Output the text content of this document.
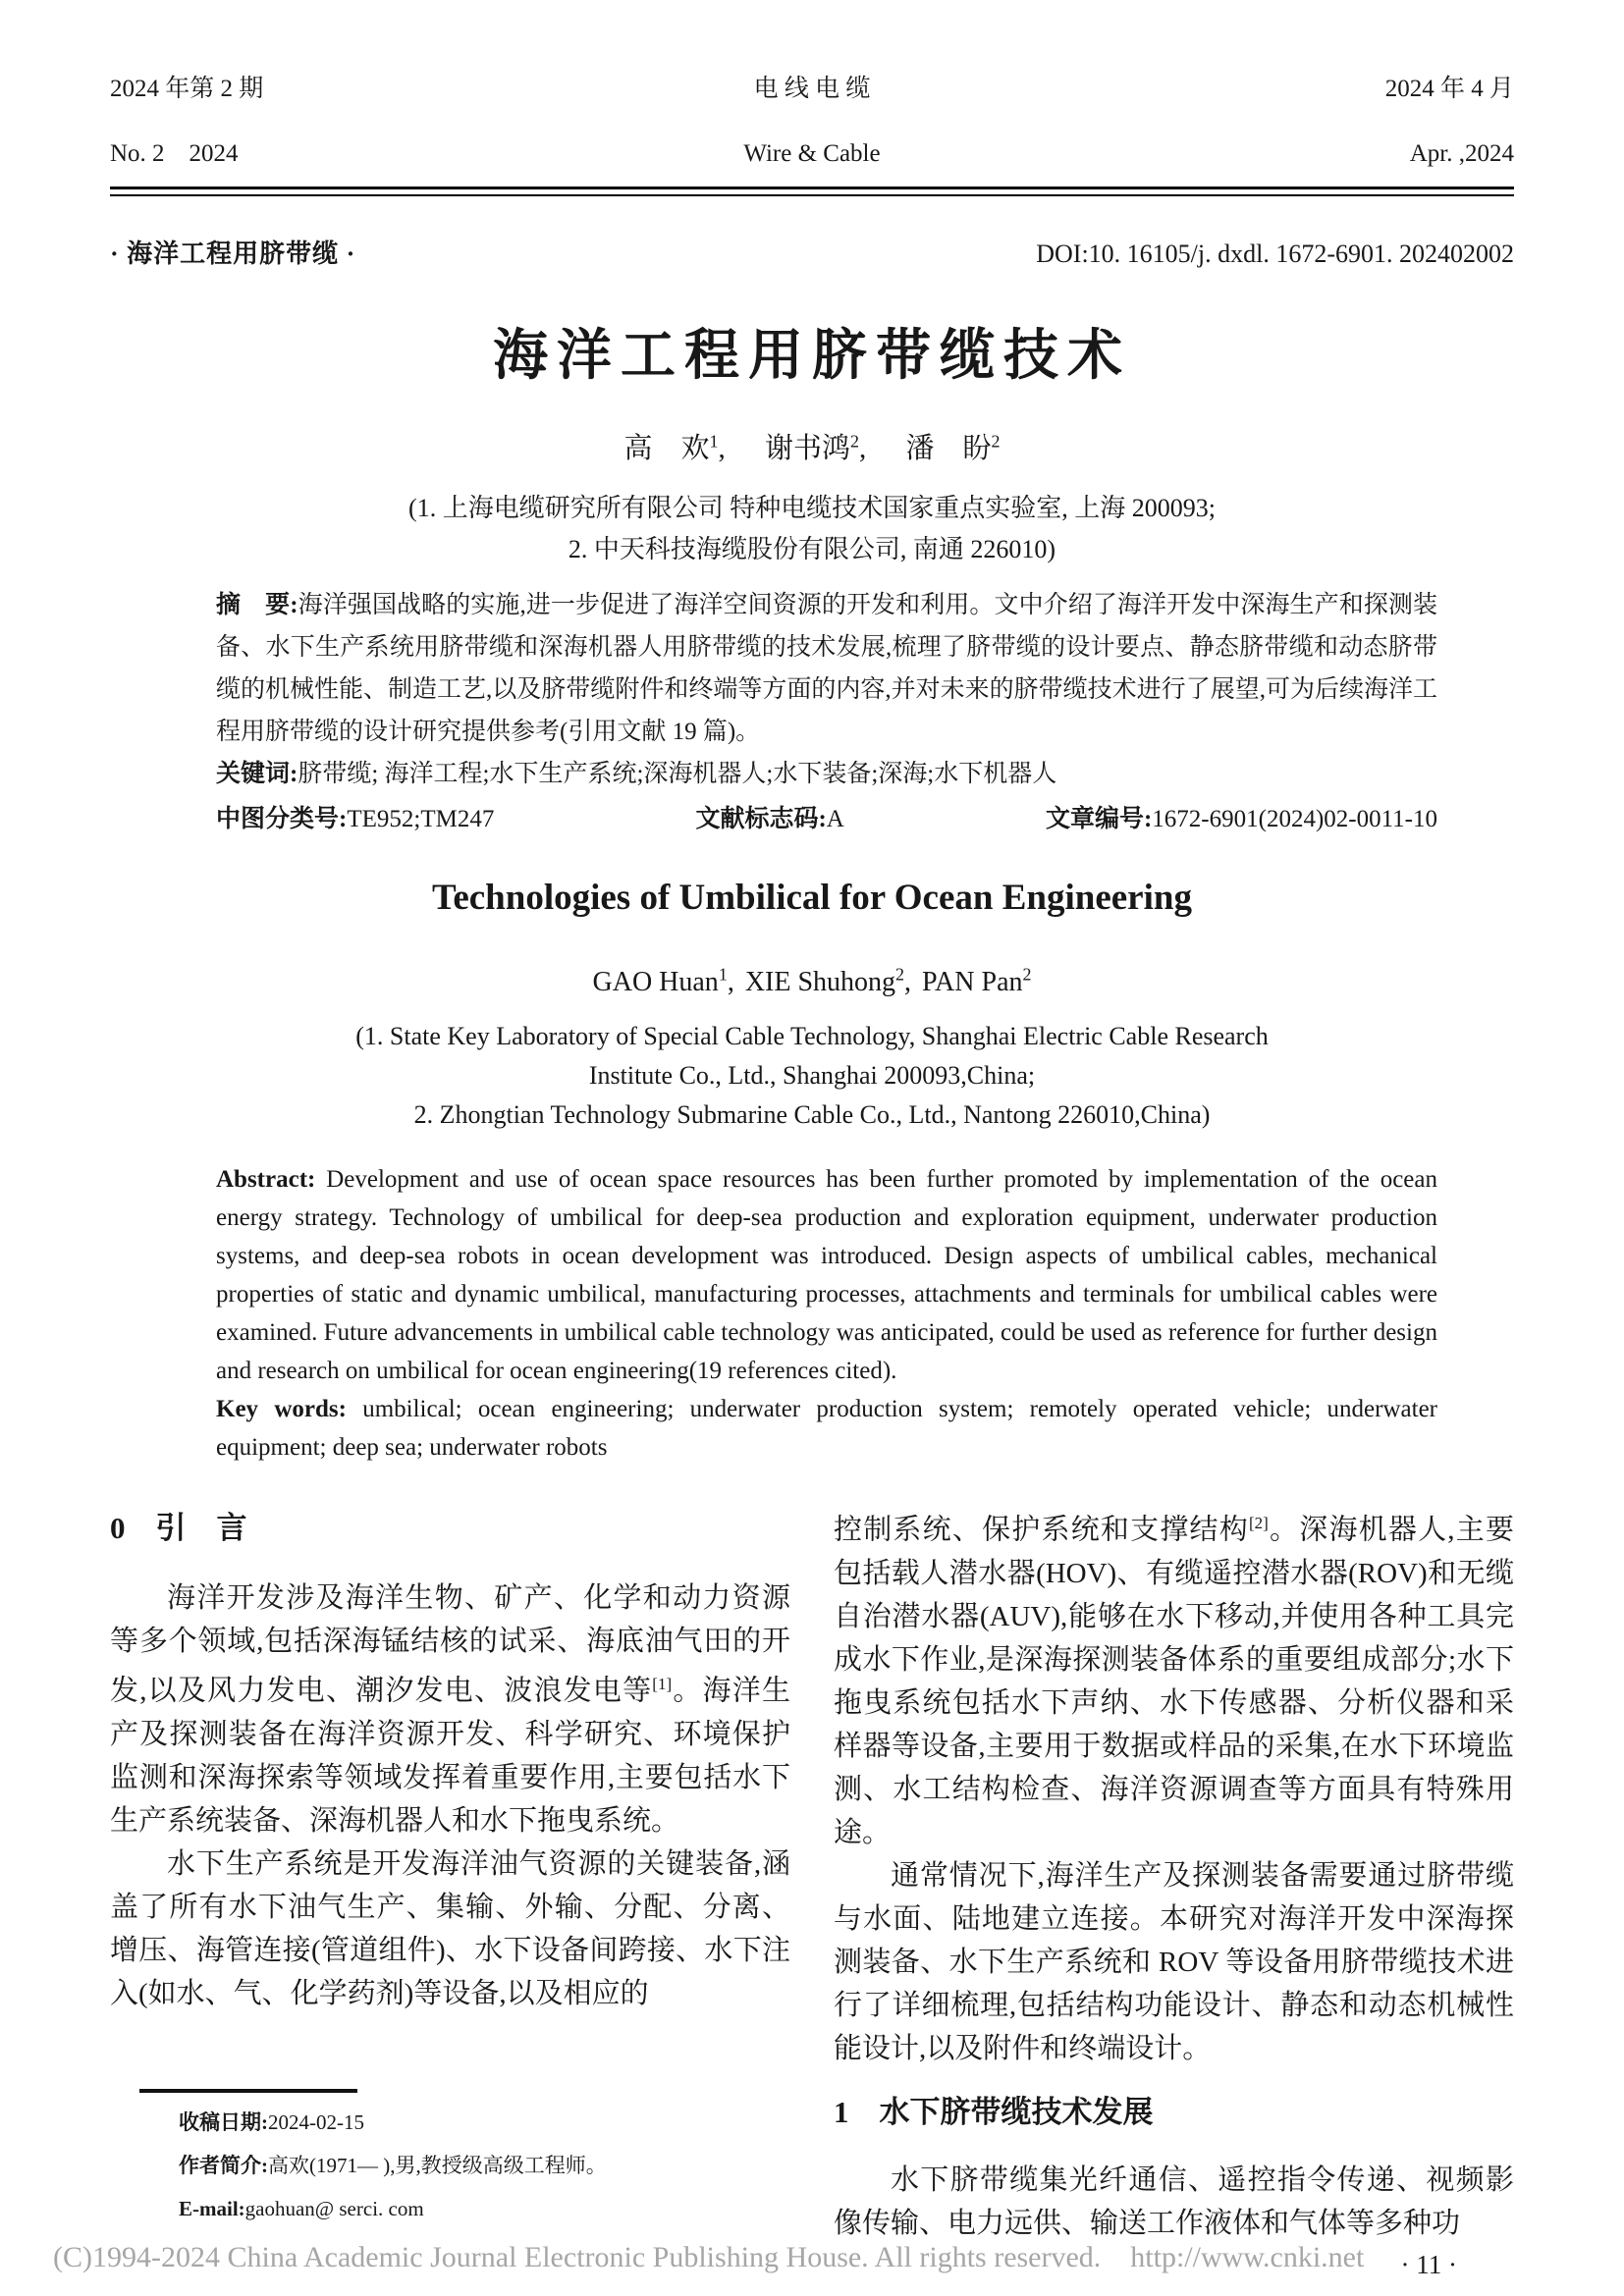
2024 年第 2 期
No. 2    2024
电 线 电 缆
Wire & Cable
2024 年 4 月
Apr. ,2024
· 海洋工程用脐带缆 ·	DOI:10. 16105/j. dxdl. 1672-6901. 202402002
海洋工程用脐带缆技术
高　欢$^1$,　 谢书鸿$^2$,　 潘　盼$^2$
(1. 上海电缆研究所有限公司 特种电缆技术国家重点实验室, 上海 200093;
2. 中天科技海缆股份有限公司, 南通 226010)
摘　要:海洋强国战略的实施,进一步促进了海洋空间资源的开发和利用。文中介绍了海洋开发中深海生产和探测装备、水下生产系统用脐带缆和深海机器人用脐带缆的技术发展,梳理了脐带缆的设计要点、静态脐带缆和动态脐带缆的机械性能、制造工艺,以及脐带缆附件和终端等方面的内容,并对未来的脐带缆技术进行了展望,可为后续海洋工程用脐带缆的设计研究提供参考(引用文献 19 篇)。
关键词:脐带缆; 海洋工程;水下生产系统;深海机器人;水下装备;深海;水下机器人
中图分类号:TE952;TM247	文献标志码:A	文章编号:1672-6901(2024)02-0011-10
Technologies of Umbilical for Ocean Engineering
GAO Huan$^1$, XIE Shuhong$^2$, PAN Pan$^2$
(1. State Key Laboratory of Special Cable Technology, Shanghai Electric Cable Research
Institute Co., Ltd., Shanghai 200093,China;
2. Zhongtian Technology Submarine Cable Co., Ltd., Nantong 226010,China)
Abstract: Development and use of ocean space resources has been further promoted by implementation of the ocean energy strategy. Technology of umbilical for deep-sea production and exploration equipment, underwater production systems, and deep-sea robots in ocean development was introduced. Design aspects of umbilical cables, mechanical properties of static and dynamic umbilical, manufacturing processes, attachments and terminals for umbilical cables were examined. Future advancements in umbilical cable technology was anticipated, could be used as reference for further design and research on umbilical for ocean engineering(19 references cited).
Key words: umbilical; ocean engineering; underwater production system; remotely operated vehicle; underwater equipment; deep sea; underwater robots
0　引　言

海洋开发涉及海洋生物、矿产、化学和动力资源等多个领域,包括深海锰结核的试采、海底油气田的开发,以及风力发电、潮汐发电、波浪发电等[1]。海洋生产及探测装备在海洋资源开发、科学研究、环境保护监测和深海探索等领域发挥着重要作用,主要包括水下生产系统装备、深海机器人和水下拖曳系统。

水下生产系统是开发海洋油气资源的关键装备,涵盖了所有水下油气生产、集输、外输、分配、分离、增压、海管连接(管道组件)、水下设备间跨接、水下注入(如水、气、化学药剂)等设备,以及相应的

收稿日期:2024-02-15
作者简介:高欢(1971— ),男,教授级高级工程师。
E-mail:gaohuan@ serci. com

控制系统、保护系统和支撑结构[2]。深海机器人,主要包括载人潜水器(HOV)、有缆遥控潜水器(ROV)和无缆自治潜水器(AUV),能够在水下移动,并使用各种工具完成水下作业,是深海探测装备体系的重要组成部分;水下拖曳系统包括水下声纳、水下传感器、分析仪器和采样器等设备,主要用于数据或样品的采集,在水下环境监测、水工结构检查、海洋资源调查等方面具有特殊用途。

通常情况下,海洋生产及探测装备需要通过脐带缆与水面、陆地建立连接。本研究对海洋开发中深海探测装备、水下生产系统和 ROV 等设备用脐带缆技术进行了详细梳理,包括结构功能设计、静态和动态机械性能设计,以及附件和终端设计。

1　水下脐带缆技术发展

水下脐带缆集光纤通信、遥控指令传递、视频影像传输、电力远供、输送工作液体和气体等多种功

· 11 ·
(C)1994-2024 China Academic Journal Electronic Publishing House. All rights reserved.    http://www.cnki.net
